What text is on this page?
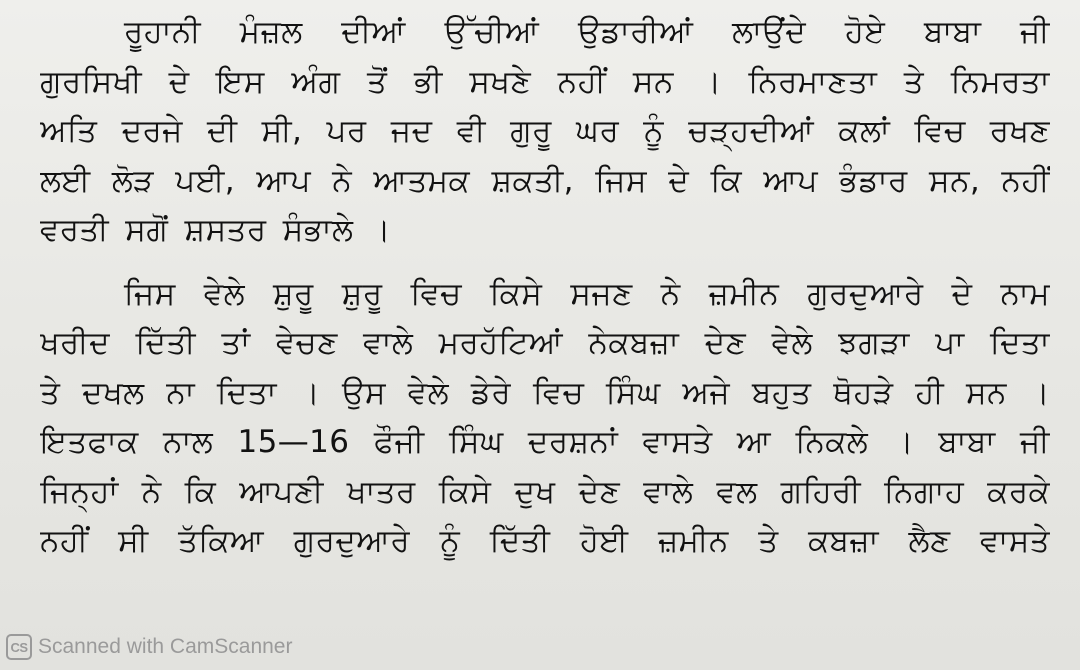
ਰੂਹਾਨੀ ਮੰਜ਼ਲ ਦੀਆਂ ਉੱਚੀਆਂ ਉਡਾਰੀਆਂ ਲਾਉਂਦੇ ਹੋਏ ਬਾਬਾ ਜੀ
ਗੁਰਸਿਖੀ ਦੇ ਇਸ ਅੰਗ ਤੋਂ ਭੀ ਸਖਣੇ ਨਹੀਂ ਸਨ । ਨਿਰਮਾਣਤਾ ਤੇ ਨਿਮਰਤਾ
ਅਤਿ ਦਰਜੇ ਦੀ ਸੀ, ਪਰ ਜਦ ਵੀ ਗੁਰੂ ਘਰ ਨੂੰ ਚੜ੍ਹਦੀਆਂ ਕਲਾਂ ਵਿਚ ਰਖਣ
ਲਈ ਲੋੜ ਪਈ, ਆਪ ਨੇ ਆਤਮਕ ਸ਼ਕਤੀ, ਜਿਸ ਦੇ ਕਿ ਆਪ ਭੰਡਾਰ ਸਨ, ਨਹੀਂ
ਵਰਤੀ ਸਗੋਂ ਸ਼ਸਤਰ ਸੰਭਾਲੇ ।

ਜਿਸ ਵੇਲੇ ਸ਼ੁਰੂ ਸ਼ੁਰੂ ਵਿਚ ਕਿਸੇ ਸਜਣ ਨੇ ਜ਼ਮੀਨ ਗੁਰਦੁਆਰੇ ਦੇ ਨਾਮ
ਖਰੀਦ ਦਿੱਤੀ ਤਾਂ ਵੇਚਣ ਵਾਲੇ ਮਰਹੱਟਿਆਂ ਨੇਕਬਜ਼ਾ ਦੇਣ ਵੇਲੇ ਝਗੜਾ ਪਾ ਦਿਤਾ
ਤੇ ਦਖਲ ਨਾ ਦਿਤਾ । ਉਸ ਵੇਲੇ ਡੇਰੇ ਵਿਚ ਸਿੰਘ ਅਜੇ ਬਹੁਤ ਥੋਹੜੇ ਹੀ ਸਨ ।
ਇਤਫਾਕ ਨਾਲ 15—16 ਫੌਜੀ ਸਿੰਘ ਦਰਸ਼ਨਾਂ ਵਾਸਤੇ ਆ ਨਿਕਲੇ । ਬਾਬਾ ਜੀ
ਜਿਨ੍ਹਾਂ ਨੇ ਕਿ ਆਪਣੀ ਖਾਤਰ ਕਿਸੇ ਦੁਖ ਦੇਣ ਵਾਲੇ ਵਲ ਗਹਿਰੀ ਨਿਗਾਹ ਕਰਕੇ
ਨਹੀਂ ਸੀ ਤੱਕਿਆ ਗੁਰਦੁਆਰੇ ਨੂੰ ਦਿੱਤੀ ਹੋਈ ਜ਼ਮੀਨ ਤੇ ਕਬਜ਼ਾ ਲੈਣ ਵਾਸਤੇ

CS Scanned with CamScanner
